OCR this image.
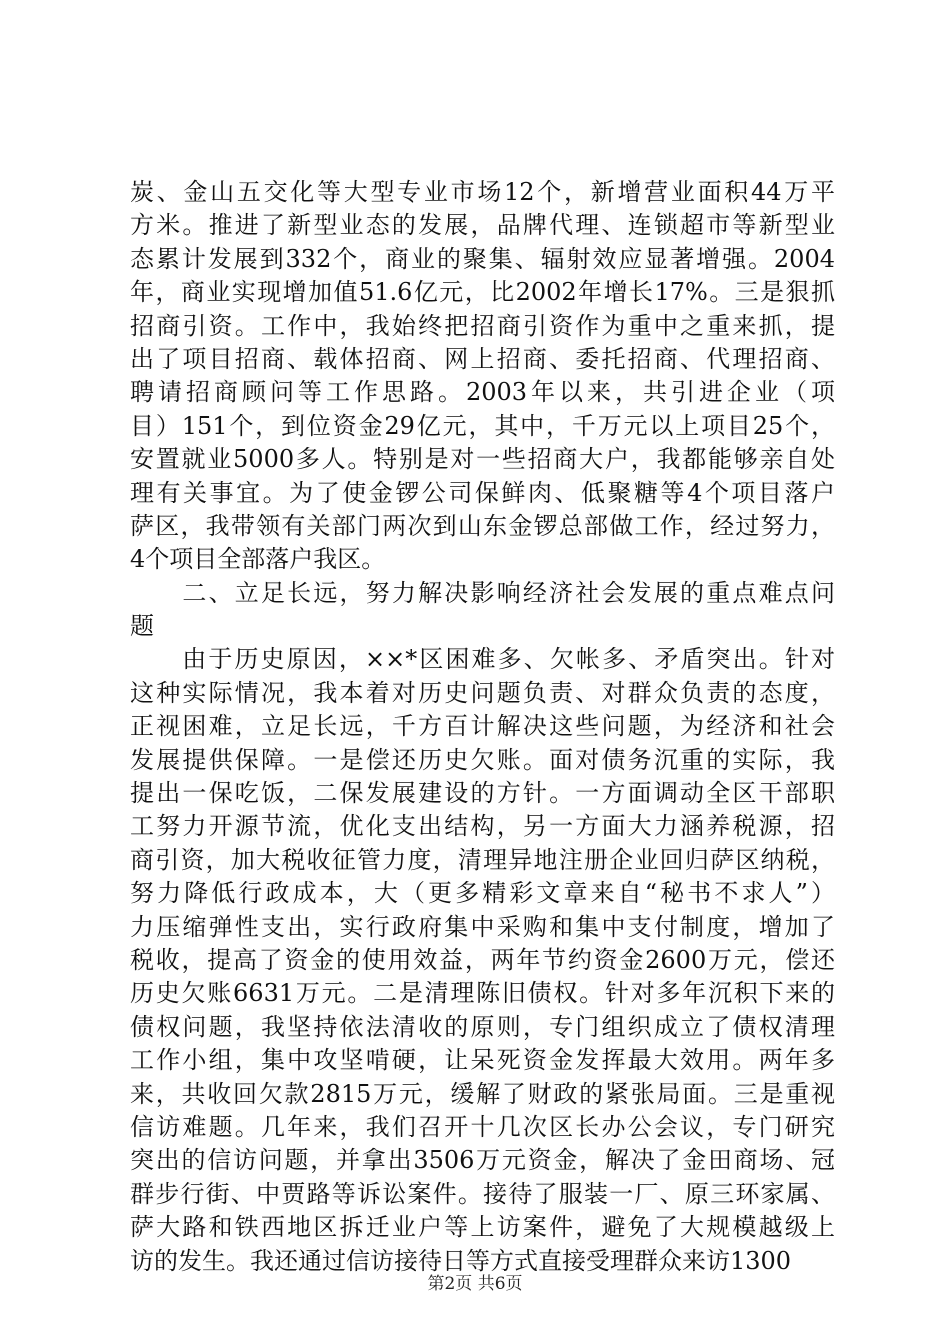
炭、金山五交化等大型专业市场12个，新增营业面积44万平
方米。推进了新型业态的发展，品牌代理、连锁超市等新型业
态累计发展到332个，商业的聚集、辐射效应显著增强。2004
年，商业实现增加值51.6亿元，比2002年增长17%。三是狠抓
招商引资。工作中，我始终把招商引资作为重中之重来抓，提
出了项目招商、载体招商、网上招商、委托招商、代理招商、
聘请招商顾问等工作思路。2003年以来，共引进企业（项
目）151个，到位资金29亿元，其中，千万元以上项目25个，
安置就业5000多人。特别是对一些招商大户，我都能够亲自处
理有关事宜。为了使金锣公司保鲜肉、低聚糖等4个项目落户
萨区，我带领有关部门两次到山东金锣总部做工作，经过努力，
4个项目全部落户我区。
　　二、立足长远，努力解决影响经济社会发展的重点难点问
题
　　由于历史原因，××*区困难多、欠帐多、矛盾突出。针对
这种实际情况，我本着对历史问题负责、对群众负责的态度，
正视困难，立足长远，千方百计解决这些问题，为经济和社会
发展提供保障。一是偿还历史欠账。面对债务沉重的实际，我
提出一保吃饭，二保发展建设的方针。一方面调动全区干部职
工努力开源节流，优化支出结构，另一方面大力涵养税源，招
商引资，加大税收征管力度，清理异地注册企业回归萨区纳税，
努力降低行政成本，大（更多精彩文章来自“秘书不求人”）
力压缩弹性支出，实行政府集中采购和集中支付制度，增加了
税收，提高了资金的使用效益，两年节约资金2600万元，偿还
历史欠账6631万元。二是清理陈旧债权。针对多年沉积下来的
债权问题，我坚持依法清收的原则，专门组织成立了债权清理
工作小组，集中攻坚啃硬，让呆死资金发挥最大效用。两年多
来，共收回欠款2815万元，缓解了财政的紧张局面。三是重视
信访难题。几年来，我们召开十几次区长办公会议，专门研究
突出的信访问题，并拿出3506万元资金，解决了金田商场、冠
群步行街、中贾路等诉讼案件。接待了服装一厂、原三环家属、
萨大路和铁西地区拆迁业户等上访案件，避免了大规模越级上
访的发生。我还通过信访接待日等方式直接受理群众来访1300
第2页 共6页
